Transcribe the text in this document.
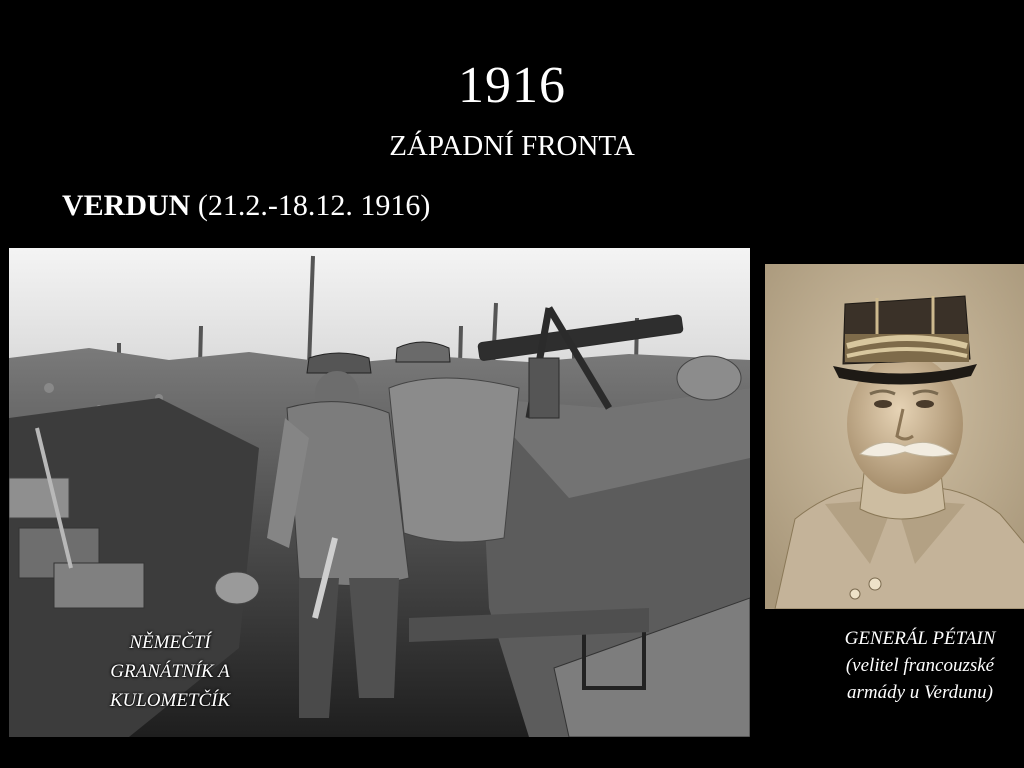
1916
ZÁPADNÍ FRONTA
VERDUN (21.2.-18.12. 1916)
NĚMEČTÍ
GRANÁTNÍK A
KULOMETČÍK
GENERÁL PÉTAIN
(velitel francouzské
armády u Verdunu)
